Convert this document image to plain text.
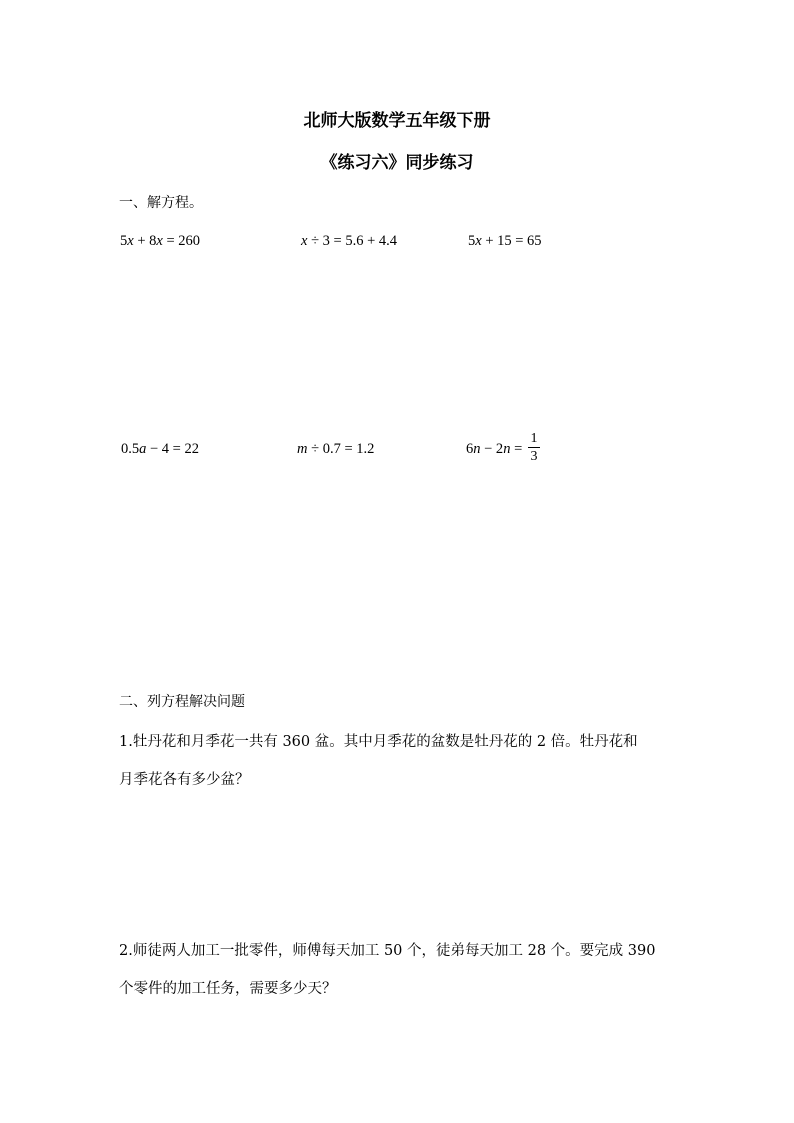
北师大版数学五年级下册
《练习六》同步练习
一、解方程。
5x + 8x = 260	x ÷ 3 = 5.6 + 4.4	5x + 15 = 65
0.5a − 4 = 22	m ÷ 0.7 = 1.2	6n − 2n =
1
3
二、列方程解决问题
1.牡丹花和月季花一共有 360 盆。其中月季花的盆数是牡丹花的 2 倍。牡丹花和
月季花各有多少盆？
2.师徒两人加工一批零件，师傅每天加工 50 个，徒弟每天加工 28 个。要完成 390
个零件的加工任务，需要多少天？
